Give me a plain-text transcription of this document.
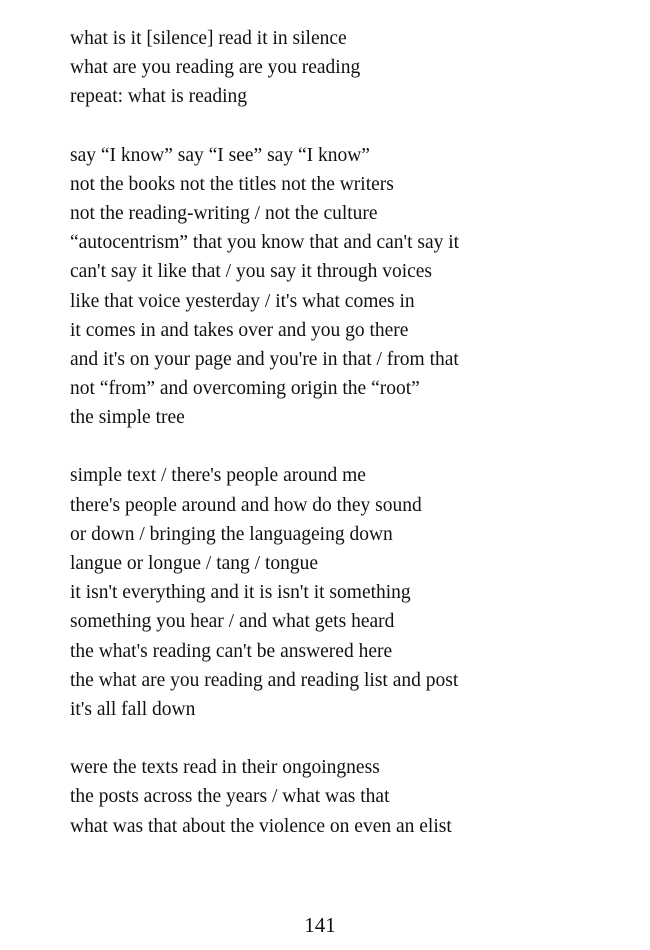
what is it [silence] read it in silence
what are you reading are you reading
repeat: what is reading
say “I know” say “I see” say “I know”
not the books not the titles not the writers
not the reading-writing / not the culture
“autocentrism” that you know that and can't say it
can't say it like that / you say it through voices
like that voice yesterday / it's what comes in
it comes in and takes over and you go there
and it's on your page and you're in that / from that
not “from” and overcoming origin the “root”
the simple tree
simple text / there's people around me
there's people around and how do they sound
or down / bringing the languageing down
langue or longue / tang / tongue
it isn't everything and it is isn't it something
something you hear / and what gets heard
the what's reading can't be answered here
the what are you reading and reading list and post
it's all fall down
were the texts read in their ongoingness
the posts across the years / what was that
what was that about the violence on even an elist
141
